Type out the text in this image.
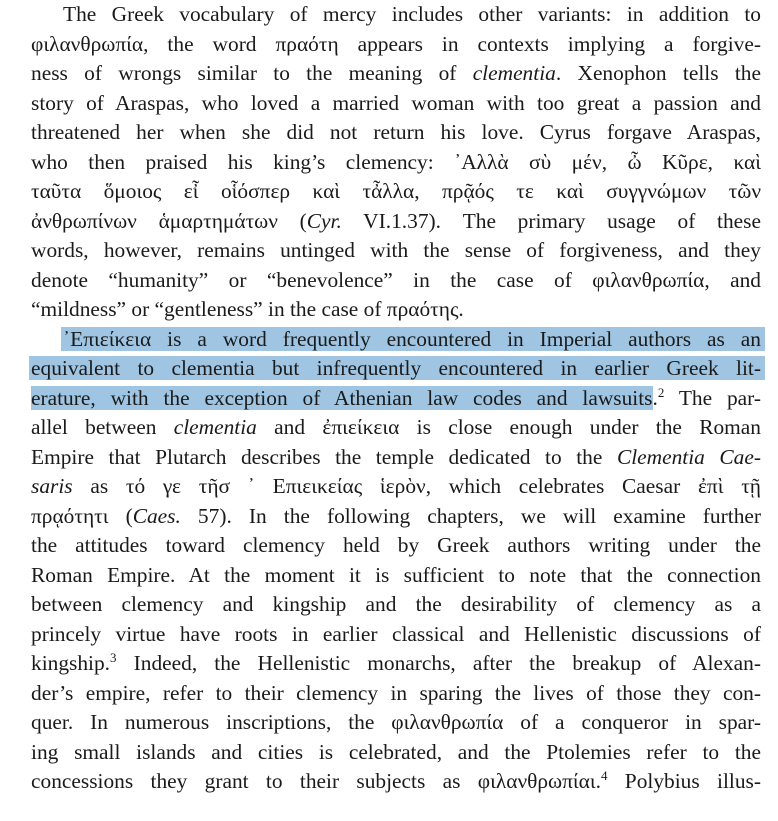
The Greek vocabulary of mercy includes other variants: in addition to
φιλανθρωπία, the word πραότη appears in contexts implying a forgive-
ness of wrongs similar to the meaning of clementia. Xenophon tells the
story of Araspas, who loved a married woman with too great a passion and
threatened her when she did not return his love. Cyrus forgave Araspas,
who then praised his king’s clemency: ᾿Αλλὰ σὺ μέν, ὦ Κῦρε, καὶ
ταῦτα ὅμοιος εἶ οἷόσπερ καὶ τἆλλα, πρᾷός τε καὶ συγγνώμων τῶν
ἀνθρωπίνων ἁμαρτημάτων (Cyr. VI.1.37). The primary usage of these
words, however, remains untinged with the sense of forgiveness, and they
denote “humanity” or “benevolence” in the case of φιλανθρωπία, and
“mildness” or “gentleness” in the case of πραότης.
᾿Επιείκεια is a word frequently encountered in Imperial authors as an
equivalent to clementia but infrequently encountered in earlier Greek lit-
erature, with the exception of Athenian law codes and lawsuits.$^2$ The par-
allel between clementia and ἐπιείκεια is close enough under the Roman
Empire that Plutarch describes the temple dedicated to the Clementia Cae-
saris as τό γε τῆσ ᾿ Επιεικείας ἱερὸν, which celebrates Caesar ἐπὶ τῇ
πρᾳότητι (Caes. 57). In the following chapters, we will examine further
the attitudes toward clemency held by Greek authors writing under the
Roman Empire. At the moment it is sufficient to note that the connection
between clemency and kingship and the desirability of clemency as a
princely virtue have roots in earlier classical and Hellenistic discussions of
kingship.$^3$ Indeed, the Hellenistic monarchs, after the breakup of Alexan-
der’s empire, refer to their clemency in sparing the lives of those they con-
quer. In numerous inscriptions, the φιλανθρωπία of a conqueror in spar-
ing small islands and cities is celebrated, and the Ptolemies refer to the
concessions they grant to their subjects as φιλανθρωπίαι.$^4$ Polybius illus-
